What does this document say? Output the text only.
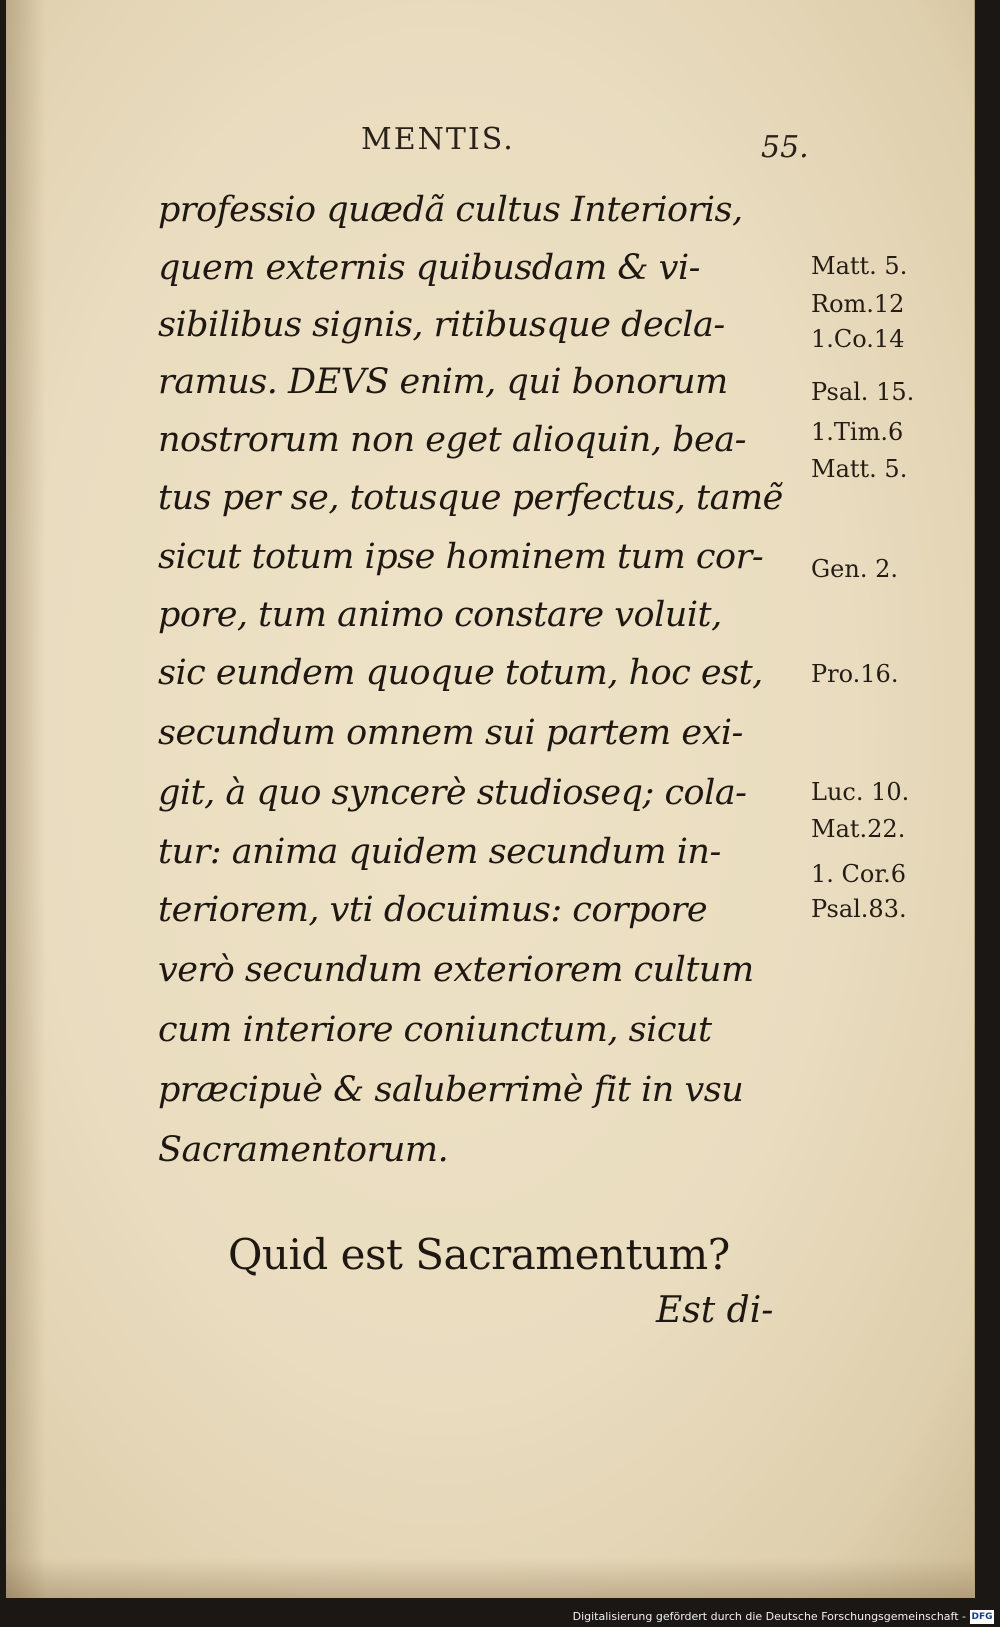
MENTIS.	55.
professio quædã cultus Interioris,
quem externis quibusdam & vi-
sibilibus signis, ritibusque decla-
ramus. DEVS enim, qui bonorum
nostrorum non eget alioquin, bea-
tus per se, totusque perfectus, tamẽ
sicut totum ipse hominem tum cor-
pore, tum animo constare voluit,
sic eundem quoque totum, hoc est,
secundum omnem sui partem exi-
git, à quo syncerè studioseq; cola-
tur: anima quidem secundum in-
teriorem, vti docuimus: corpore
verò secundum exteriorem cultum
cum interiore coniunctum, sicut
præcipuè & saluberrimè fit in vsu
Sacramentorum.
Matt. 5.
Rom.12
1.Co.14
Psal. 15.
1.Tim.6
Matt. 5.
Gen. 2.
Pro.16.
Luc. 10.
Mat.22.
1. Cor.6
Psal.83.
Quid est Sacramentum?
Est di-
Digitalisierung gefördert durch die Deutsche Forschungsgemeinschaft - DFG
